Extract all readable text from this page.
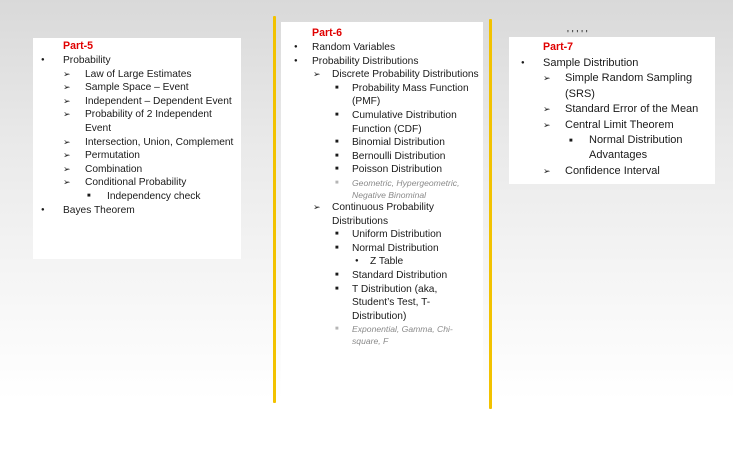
Part-5
● Probability
➢ Law of Large Estimates
➢ Sample Space – Event
➢ Independent – Dependent Event
➢ Probability of 2 Independent Event
➢ Intersection, Union, Complement
➢ Permutation
➢ Combination
➢ Conditional Probability
■ Independency check
● Bayes Theorem
Part-6
● Random Variables
● Probability Distributions
➢ Discrete Probability Distributions
■ Probability Mass Function (PMF)
■ Cumulative Distribution Function (CDF)
■ Binomial Distribution
■ Bernoulli Distribution
■ Poisson Distribution
■ Geometric, Hypergeometric, Negative Binominal
➢ Continuous Probability Distributions
■ Uniform Distribution
■ Normal Distribution
● Z Table
■ Standard Distribution
■ T Distribution (aka, Student’s Test, T-Distribution)
■ Exponential, Gamma, Chi-square, F
' ' ' ' '
Part-7
● Sample Distribution
➢ Simple Random Sampling (SRS)
➢ Standard Error of the Mean
➢ Central Limit Theorem
■ Normal Distribution Advantages
➢ Confidence Interval
